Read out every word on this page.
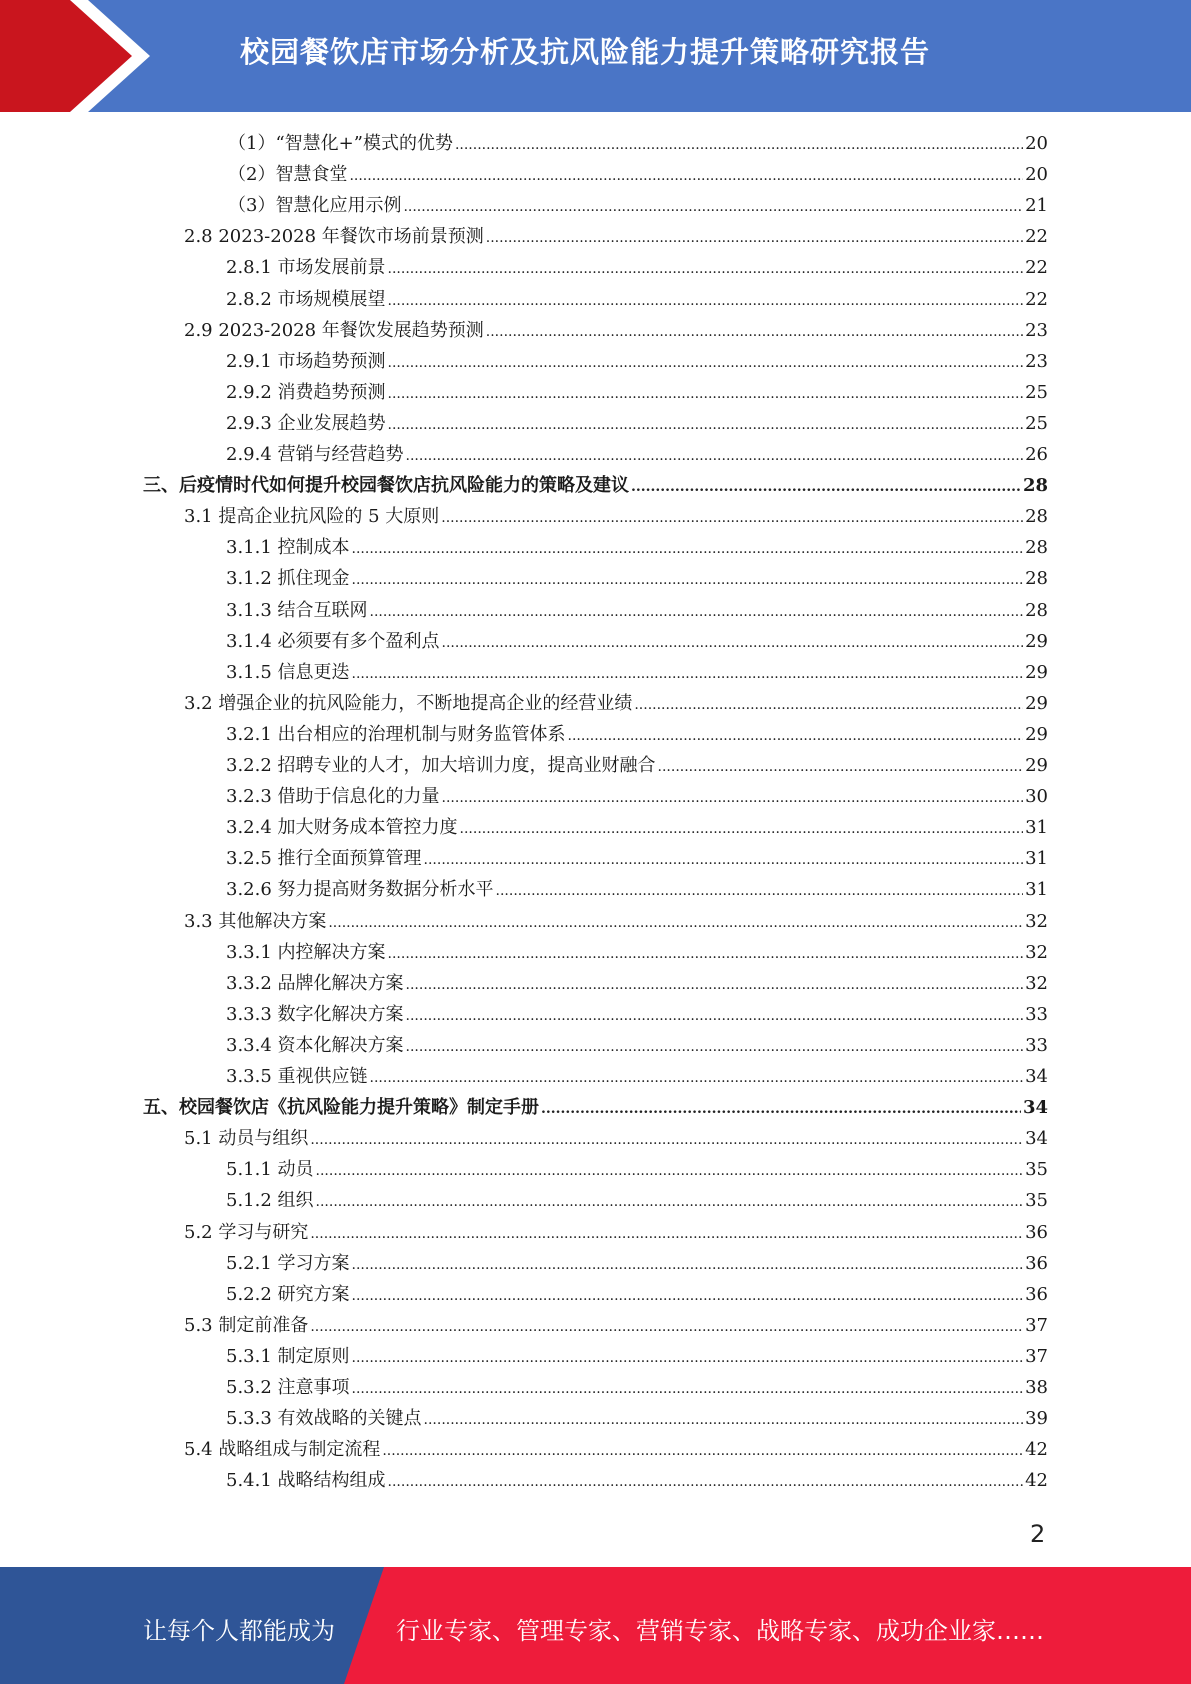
校园餐饮店市场分析及抗风险能力提升策略研究报告
（1）“智慧化+”模式的优势 .....	20
（2）智慧食堂 .....	20
（3）智慧化应用示例 .....	21
2.8 2023-2028 年餐饮市场前景预测 .....	22
2.8.1 市场发展前景 .....	22
2.8.2 市场规模展望 .....	22
2.9 2023-2028 年餐饮发展趋势预测 .....	23
2.9.1 市场趋势预测 .....	23
2.9.2 消费趋势预测 .....	25
2.9.3 企业发展趋势 .....	25
2.9.4 营销与经营趋势 .....	26
三、后疫情时代如何提升校园餐饮店抗风险能力的策略及建议 .....	28
3.1 提高企业抗风险的 5 大原则 .....	28
3.1.1 控制成本 .....	28
3.1.2 抓住现金 .....	28
3.1.3 结合互联网 .....	28
3.1.4 必须要有多个盈利点 .....	29
3.1.5 信息更迭 .....	29
3.2 增强企业的抗风险能力，不断地提高企业的经营业绩 .....	29
3.2.1 出台相应的治理机制与财务监管体系 .....	29
3.2.2 招聘专业的人才，加大培训力度，提高业财融合 .....	29
3.2.3 借助于信息化的力量 .....	30
3.2.4 加大财务成本管控力度 .....	31
3.2.5 推行全面预算管理 .....	31
3.2.6 努力提高财务数据分析水平 .....	31
3.3 其他解决方案 .....	32
3.3.1 内控解决方案 .....	32
3.3.2 品牌化解决方案 .....	32
3.3.3 数字化解决方案 .....	33
3.3.4 资本化解决方案 .....	33
3.3.5 重视供应链 .....	34
五、校园餐饮店《抗风险能力提升策略》制定手册 .....	34
5.1 动员与组织 .....	34
5.1.1 动员 .....	35
5.1.2 组织 .....	35
5.2 学习与研究 .....	36
5.2.1 学习方案 .....	36
5.2.2 研究方案 .....	36
5.3 制定前准备 .....	37
5.3.1 制定原则 .....	37
5.3.2 注意事项 .....	38
5.3.3 有效战略的关键点 .....	39
5.4 战略组成与制定流程 .....	42
5.4.1 战略结构组成 .....	42
2
让每个人都能成为	行业专家、管理专家、营销专家、战略专家、成功企业家……
